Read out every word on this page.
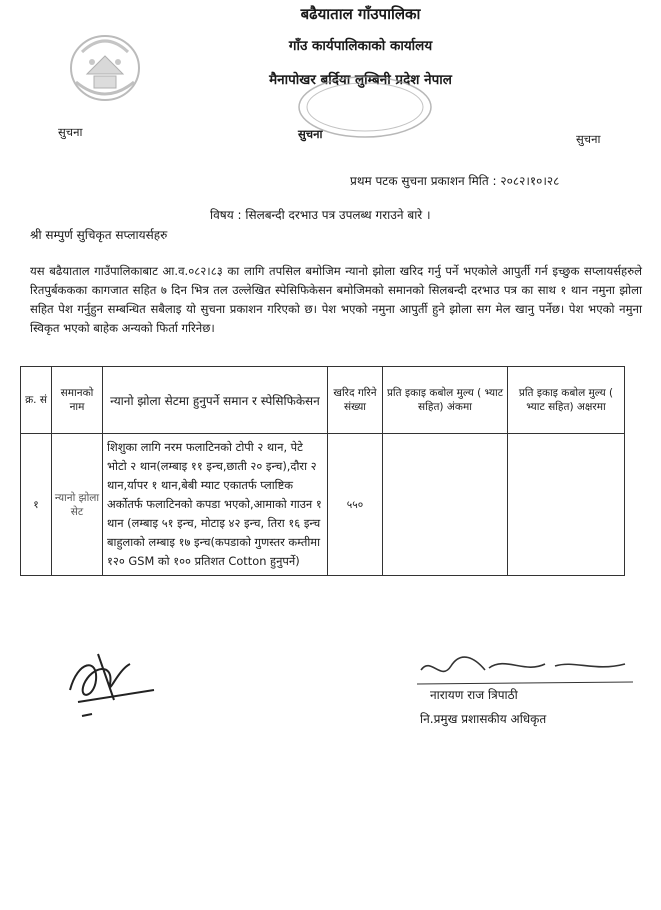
बढैयाताल गाँउपालिका
गाँउ कार्यपालिकाको कार्यालय
मैनापोखर बर्दिया लुम्बिनी प्रदेश नेपाल
सुचना	सुचना	सुचना
प्रथम पटक सुचना प्रकाशन मिति : २०८२।१०।२८
विषय : सिलबन्दी दरभाउ पत्र उपलब्ध गराउने बारे ।
श्री सम्पुर्ण सुचिकृत सप्लायर्सहरु
यस बढैयाताल गाउँपालिकाबाट आ.व.०८२।८३ का लागि तपसिल बमोजिम न्यानो झोला खरिद गर्नु पर्ने भएकोले आपुर्ती गर्न इच्छुक सप्लायर्सहरुले रितपुर्बककका कागजात सहित ७ दिन भित्र तल उल्लेखित स्पेसिफिकेसन बमोजिमको समानको सिलबन्दी दरभाउ पत्र का साथ १ थान नमुना झोला सहित पेश गर्नुहुन सम्बन्धित सबैलाइ यो सुचना प्रकाशन गरिएको छ। पेश भएको नमुना आपुर्ती हुने झोला सग मेल खानु पर्नेछ। पेश भएको नमुना स्विकृत भएको बाहेक अन्यको फिर्ता गरिनेछ।
क्र. सं	समानको नाम	न्यानो झोला सेटमा हुनुपर्ने समान र स्पेसिफिकेसन	खरिद गरिने संख्या	प्रति इकाइ कबोल मुल्य ( भ्याट सहित) अंकमा	प्रति इकाइ कबोल मुल्य ( भ्याट सहित) अक्षरमा
१	न्यानो झोला सेट	शिशुका लागि नरम फलाटिनको टोपी २ थान, पेटे भोटो २ थान(लम्बाइ ११ इन्च,छाती २० इन्च),दौरा २ थान,र्यापर १ थान,बेबी म्याट एकातर्फ प्लाष्टिक अर्कोतर्फ फलाटिनको कपडा भएको,आमाको गाउन १ थान (लम्बाइ ५१ इन्च, मोटाइ ४२ इन्च, तिरा १६ इन्च बाहुलाको लम्बाइ १७ इन्च(कपडाको गुणस्तर कम्तीमा १२० GSM को १०० प्रतिशत Cotton हुनुपर्ने)	५५०		
नारायण राज त्रिपाठी
नि.प्रमुख प्रशासकीय अधिकृत
